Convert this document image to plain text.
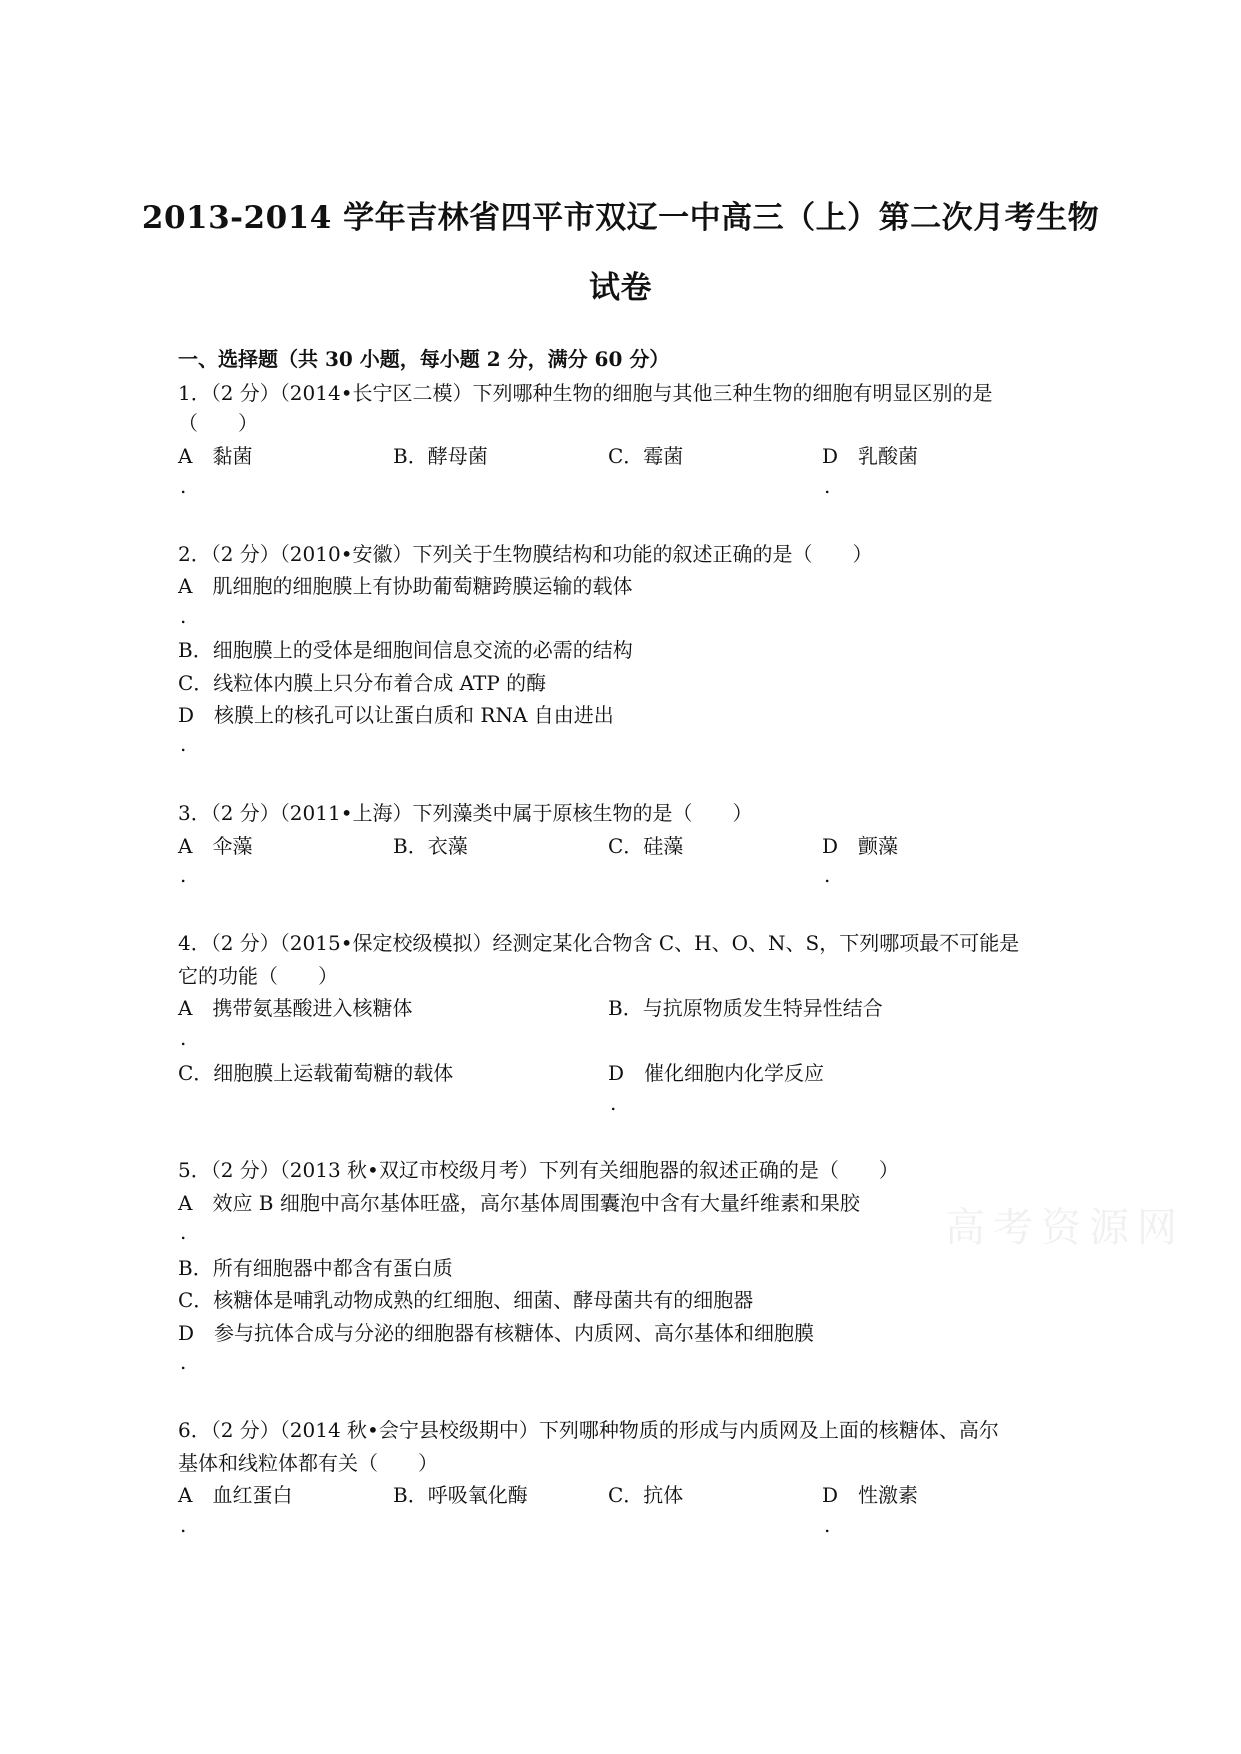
高考资源网
2013-2014 学年吉林省四平市双辽一中高三（上）第二次月考生物
试卷
一、选择题（共 30 小题，每小题 2 分，满分 60 分）
1．（2 分）（2014•长宁区二模）下列哪种生物的细胞与其他三种生物的细胞有明显区别的是
（　　）
A　黏菌	B．酵母菌	C．霉菌	D　乳酸菌
.	.
2．（2 分）（2010•安徽）下列关于生物膜结构和功能的叙述正确的是（　　）
A　肌细胞的细胞膜上有协助葡萄糖跨膜运输的载体
.
B．细胞膜上的受体是细胞间信息交流的必需的结构
C．线粒体内膜上只分布着合成 ATP 的酶
D　核膜上的核孔可以让蛋白质和 RNA 自由进出
.
3．（2 分）（2011•上海）下列藻类中属于原核生物的是（　　）
A　伞藻	B．衣藻	C．硅藻	D　颤藻
.	.
4．（2 分）（2015•保定校级模拟）经测定某化合物含 C、H、O、N、S，下列哪项最不可能是
它的功能（　　）
A　携带氨基酸进入核糖体	B．与抗原物质发生特异性结合
.
C．细胞膜上运载葡萄糖的载体	D　催化细胞内化学反应
.
5．（2 分）（2013 秋•双辽市校级月考）下列有关细胞器的叙述正确的是（　　）
A　效应 B 细胞中高尔基体旺盛，高尔基体周围囊泡中含有大量纤维素和果胶
.
B．所有细胞器中都含有蛋白质
C．核糖体是哺乳动物成熟的红细胞、细菌、酵母菌共有的细胞器
D　参与抗体合成与分泌的细胞器有核糖体、内质网、高尔基体和细胞膜
.
6．（2 分）（2014 秋•会宁县校级期中）下列哪种物质的形成与内质网及上面的核糖体、高尔
基体和线粒体都有关（　　）
A　血红蛋白	B．呼吸氧化酶	C．抗体	D　性激素
.	.
